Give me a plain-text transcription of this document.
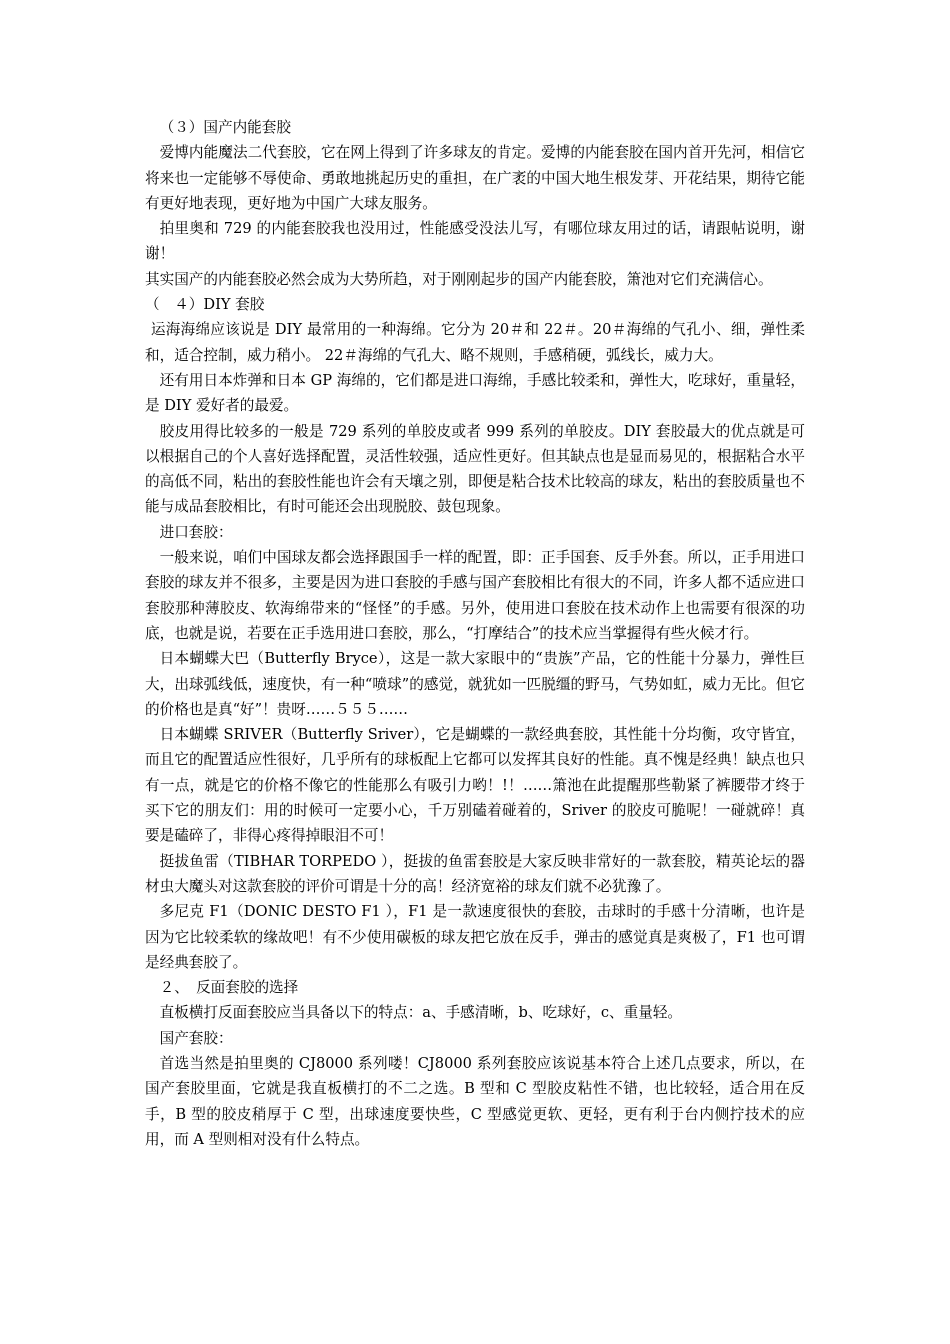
（３）国产内能套胶

爱博内能魔法二代套胶，它在网上得到了许多球友的肯定。爱博的内能套胶在国内首开先河，相信它将来也一定能够不辱使命、勇敢地挑起历史的重担，在广袤的中国大地生根发芽、开花结果，期待它能有更好地表现，更好地为中国广大球友服务。

拍里奥和 729 的内能套胶我也没用过，性能感受没法儿写，有哪位球友用过的话，请跟帖说明，谢谢！

其实国产的内能套胶必然会成为大势所趋，对于刚刚起步的国产内能套胶，箫池对它们充满信心。

（　４）DIY 套胶

运海海绵应该说是 DIY 最常用的一种海绵。它分为 20＃和 22＃。20＃海绵的气孔小、细，弹性柔和，适合控制，威力稍小。 22＃海绵的气孔大、略不规则，手感稍硬，弧线长，威力大。

还有用日本炸弹和日本 GP 海绵的，它们都是进口海绵，手感比较柔和，弹性大，吃球好，重量轻，是 DIY 爱好者的最爱。

胶皮用得比较多的一般是 729 系列的单胶皮或者 999 系列的单胶皮。DIY 套胶最大的优点就是可以根据自己的个人喜好选择配置，灵活性较强，适应性更好。但其缺点也是显而易见的，根据粘合水平的高低不同，粘出的套胶性能也许会有天壤之别，即便是粘合技术比较高的球友，粘出的套胶质量也不能与成品套胶相比，有时可能还会出现脱胶、鼓包现象。

进口套胶：

一般来说，咱们中国球友都会选择跟国手一样的配置，即：正手国套、反手外套。所以，正手用进口套胶的球友并不很多，主要是因为进口套胶的手感与国产套胶相比有很大的不同，许多人都不适应进口套胶那种薄胶皮、软海绵带来的“怪怪”的手感。另外，使用进口套胶在技术动作上也需要有很深的功底，也就是说，若要在正手选用进口套胶，那么，“打摩结合”的技术应当掌握得有些火候才行。

日本蝴蝶大巴（Butterfly Bryce），这是一款大家眼中的“贵族”产品，它的性能十分暴力，弹性巨大，出球弧线低，速度快，有一种“喷球”的感觉，就犹如一匹脱缰的野马，气势如虹，威力无比。但它的价格也是真“好”！贵呀……５５５……

日本蝴蝶 SRIVER（Butterfly Sriver），它是蝴蝶的一款经典套胶，其性能十分均衡，攻守皆宜，而且它的配置适应性很好，几乎所有的球板配上它都可以发挥其良好的性能。真不愧是经典！缺点也只有一点，就是它的价格不像它的性能那么有吸引力哟！!！……箫池在此提醒那些勒紧了裤腰带才终于买下它的朋友们：用的时候可一定要小心，千万别磕着碰着的，Sriver 的胶皮可脆呢！一碰就碎！真要是磕碎了，非得心疼得掉眼泪不可！

挺拔鱼雷（TIBHAR TORPEDO ），挺拔的鱼雷套胶是大家反映非常好的一款套胶，精英论坛的器材虫大魔头对这款套胶的评价可谓是十分的高！经济宽裕的球友们就不必犹豫了。

多尼克 F1（DONIC DESTO F1 ），F1 是一款速度很快的套胶，击球时的手感十分清晰，也许是因为它比较柔软的缘故吧！有不少使用碳板的球友把它放在反手，弹击的感觉真是爽极了，F1 也可谓是经典套胶了。

２、　反面套胶的选择

直板横打反面套胶应当具备以下的特点：a、手感清晰，b、吃球好，c、重量轻。

国产套胶：

首选当然是拍里奥的 CJ8000 系列喽！CJ8000 系列套胶应该说基本符合上述几点要求，所以，在国产套胶里面，它就是我直板横打的不二之选。B 型和 C 型胶皮粘性不错，也比较轻，适合用在反手，B 型的胶皮稍厚于 C 型，出球速度要快些，C 型感觉更软、更轻，更有利于台内侧拧技术的应用，而 A 型则相对没有什么特点。
